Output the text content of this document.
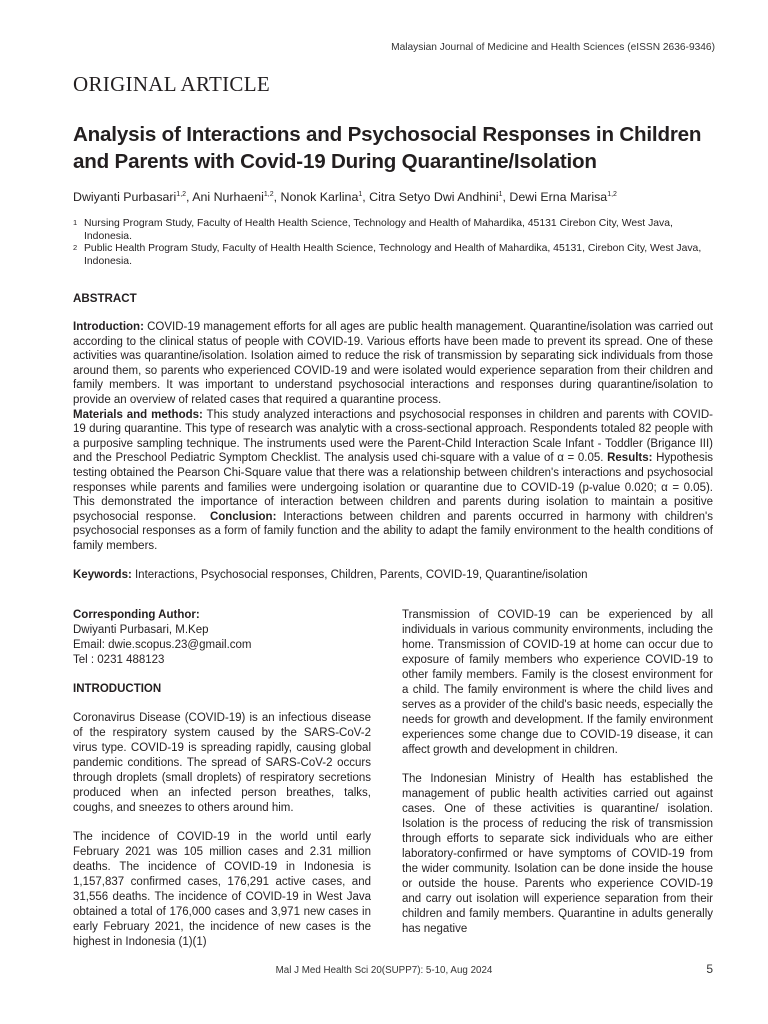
Malaysian Journal of Medicine and Health Sciences (eISSN 2636-9346)
ORIGINAL ARTICLE
Analysis of Interactions and Psychosocial Responses in Children and Parents with Covid-19 During Quarantine/Isolation
Dwiyanti Purbasari$^{1,2}$, Ani Nurhaeni$^{1,2}$, Nonok Karlina$^1$, Citra Setyo Dwi Andhini$^1$, Dewi Erna Marisa$^{1,2}$
1 Nursing Program Study, Faculty of Health Health Science, Technology and Health of Mahardika, 45131 Cirebon City, West Java, Indonesia.
2 Public Health Program Study, Faculty of Health Health Science, Technology and Health of Mahardika, 45131, Cirebon City, West Java, Indonesia.
ABSTRACT
Introduction: COVID-19 management efforts for all ages are public health management. Quarantine/isolation was carried out according to the clinical status of people with COVID-19. Various efforts have been made to prevent its spread. One of these activities was quarantine/isolation. Isolation aimed to reduce the risk of transmission by separating sick individuals from those around them, so parents who experienced COVID-19 and were isolated would experience separation from their children and family members. It was important to understand psychosocial interactions and responses during quarantine/isolation to provide an overview of related cases that required a quarantine process.
Materials and methods: This study analyzed interactions and psychosocial responses in children and parents with COVID-19 during quarantine. This type of research was analytic with a cross-sectional approach. Respondents totaled 82 people with a purposive sampling technique. The instruments used were the Parent-Child Interaction Scale Infant - Toddler (Brigance III) and the Preschool Pediatric Symptom Checklist. The analysis used chi-square with a value of α = 0.05. Results: Hypothesis testing obtained the Pearson Chi-Square value that there was a relationship between children's interactions and psychosocial responses while parents and families were undergoing isolation or quarantine due to COVID-19 (p-value 0.020; α = 0.05). This demonstrated the importance of interaction between children and parents during isolation to maintain a positive psychosocial response. Conclusion: Interactions between children and parents occurred in harmony with children's psychosocial responses as a form of family function and the ability to adapt the family environment to the health conditions of family members.
Keywords: Interactions, Psychosocial responses, Children, Parents, COVID-19, Quarantine/isolation
Corresponding Author:
Dwiyanti Purbasari, M.Kep
Email: dwie.scopus.23@gmail.com
Tel : 0231 488123
INTRODUCTION

Coronavirus Disease (COVID-19) is an infectious disease of the respiratory system caused by the SARS-CoV-2 virus type. COVID-19 is spreading rapidly, causing global pandemic conditions. The spread of SARS-CoV-2 occurs through droplets (small droplets) of respiratory secretions produced when an infected person breathes, talks, coughs, and sneezes to others around him.

The incidence of COVID-19 in the world until early February 2021 was 105 million cases and 2.31 million deaths. The incidence of COVID-19 in Indonesia is 1,157,837 confirmed cases, 176,291 active cases, and 31,556 deaths. The incidence of COVID-19 in West Java obtained a total of 176,000 cases and 3,971 new cases in early February 2021, the incidence of new cases is the highest in Indonesia (1)(1)

Transmission of COVID-19 can be experienced by all individuals in various community environments, including the home. Transmission of COVID-19 at home can occur due to exposure of family members who experience COVID-19 to other family members. Family is the closest environment for a child. The family environment is where the child lives and serves as a provider of the child's basic needs, especially the needs for growth and development. If the family environment experiences some change due to COVID-19 disease, it can affect growth and development in children.

The Indonesian Ministry of Health has established the management of public health activities carried out against cases. One of these activities is quarantine/ isolation. Isolation is the process of reducing the risk of transmission through efforts to separate sick individuals who are either laboratory-confirmed or have symptoms of COVID-19 from the wider community. Isolation can be done inside the house or outside the house. Parents who experience COVID-19 and carry out isolation will experience separation from their children and family members. Quarantine in adults generally has negative

Mal J Med Health Sci 20(SUPP7): 5-10, Aug 2024	5
